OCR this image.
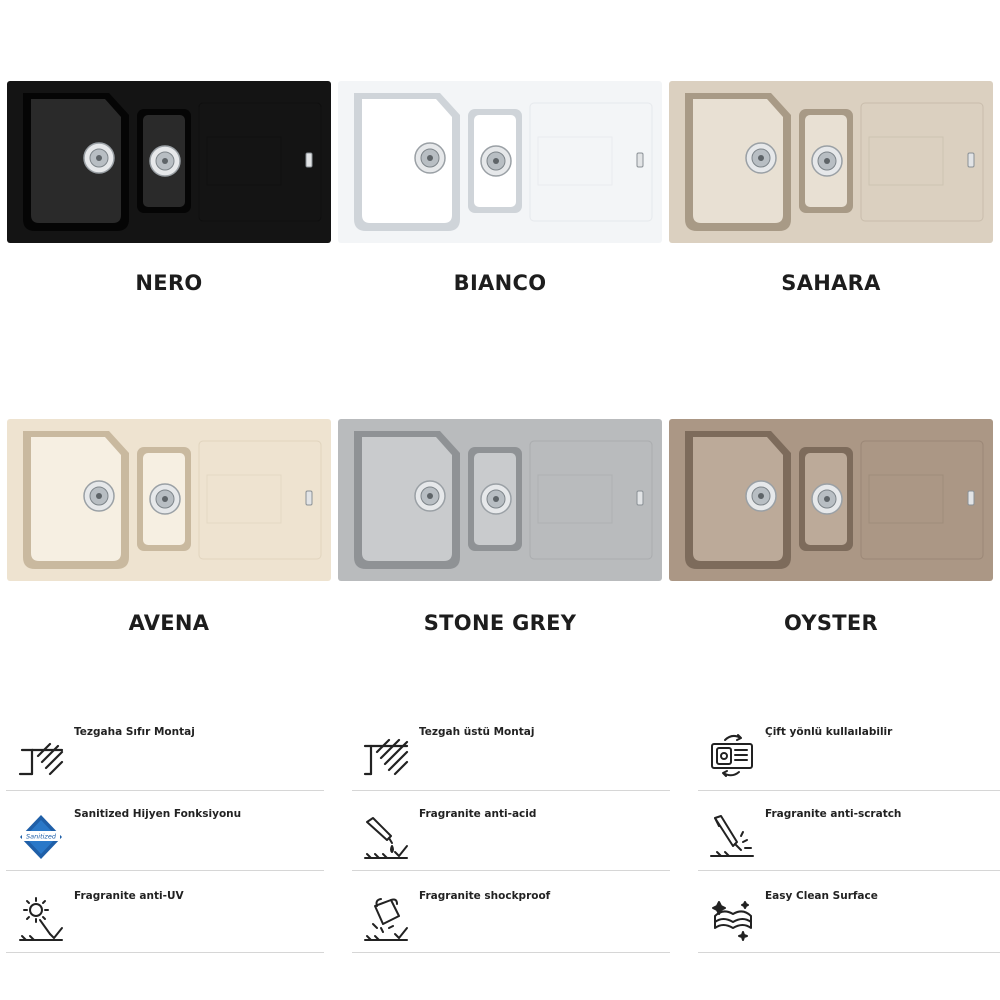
NERO	BIANCO	SAHARA
AVENA	STONE GREY	OYSTER
Tezgaha Sıfır Montaj	Tezgah üstü Montaj	Çift yönlü kullaılabilir
Sanitized
Sanitized Hijyen Fonksiyonu	Fragranite anti-acid	Fragranite anti-scratch
Fragranite anti-UV	Fragranite shockproof	Easy Clean Surface
